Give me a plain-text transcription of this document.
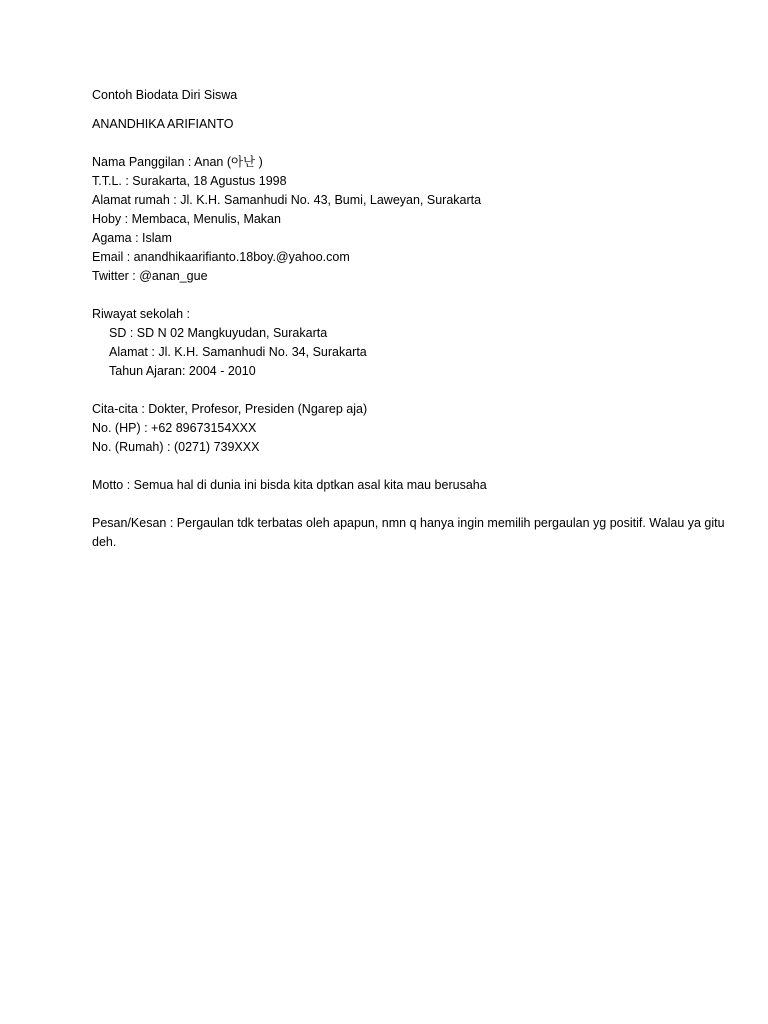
Contoh Biodata Diri Siswa
ANANDHIKA ARIFIANTO
Nama Panggilan : Anan (아난 )
T.T.L. : Surakarta, 18 Agustus 1998
Alamat rumah : Jl. K.H. Samanhudi No. 43, Bumi, Laweyan, Surakarta
Hoby : Membaca, Menulis, Makan
Agama : Islam
Email : anandhikaarifianto.18boy.@yahoo.com
Twitter : @anan_gue
Riwayat sekolah :
SD : SD N 02 Mangkuyudan, Surakarta
Alamat : Jl. K.H. Samanhudi No. 34, Surakarta
Tahun Ajaran: 2004 - 2010
Cita-cita : Dokter, Profesor, Presiden (Ngarep aja)
No. (HP) : +62 89673154XXX
No. (Rumah) : (0271) 739XXX
Motto : Semua hal di dunia ini bisda kita dptkan asal kita mau berusaha
Pesan/Kesan : Pergaulan tdk terbatas oleh apapun, nmn q hanya ingin memilih pergaulan yg positif. Walau ya gitu deh.
